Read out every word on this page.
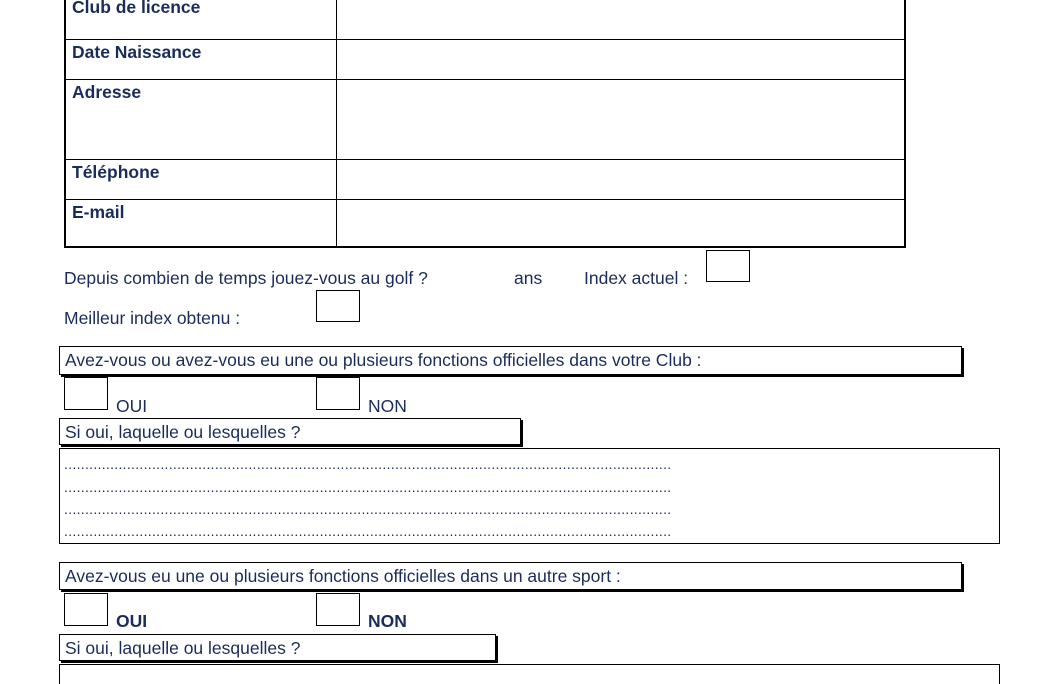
Club de licence
Date Naissance
Adresse
Téléphone
E-mail
Depuis combien de temps jouez-vous au golf ?	ans Index actuel :
Meilleur index obtenu :
Avez-vous ou avez-vous eu une ou plusieurs fonctions officielles dans votre Club :
OUI	NON
Si oui, laquelle ou lesquelles ?
.................................................................................................................................................
.................................................................................................................................................
.................................................................................................................................................
.................................................................................................................................................
Avez-vous eu une ou plusieurs fonctions officielles dans un autre sport :
OUI	NON
Si oui, laquelle ou lesquelles ?
